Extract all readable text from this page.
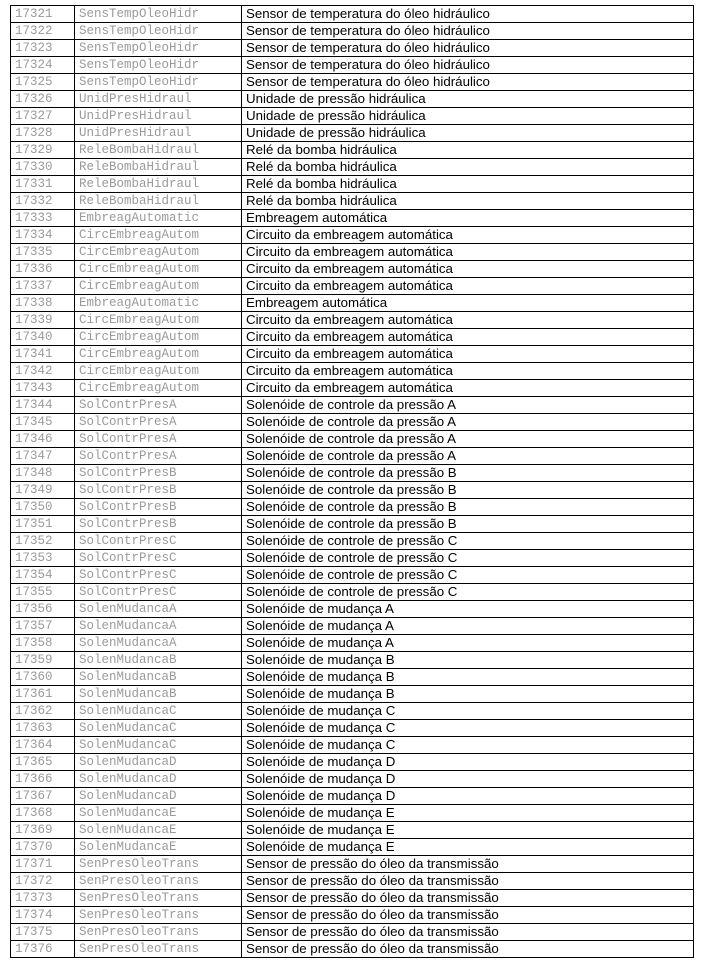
17321	SensTempOleoHidr	Sensor de temperatura do óleo hidráulico
17322	SensTempOleoHidr	Sensor de temperatura do óleo hidráulico
17323	SensTempOleoHidr	Sensor de temperatura do óleo hidráulico
17324	SensTempOleoHidr	Sensor de temperatura do óleo hidráulico
17325	SensTempOleoHidr	Sensor de temperatura do óleo hidráulico
17326	UnidPresHidraul	Unidade de pressão hidráulica
17327	UnidPresHidraul	Unidade de pressão hidráulica
17328	UnidPresHidraul	Unidade de pressão hidráulica
17329	ReleBombaHidraul	Relé da bomba hidráulica
17330	ReleBombaHidraul	Relé da bomba hidráulica
17331	ReleBombaHidraul	Relé da bomba hidráulica
17332	ReleBombaHidraul	Relé da bomba hidráulica
17333	EmbreagAutomatic	Embreagem automática
17334	CircEmbreagAutom	Circuito da embreagem automática
17335	CircEmbreagAutom	Circuito da embreagem automática
17336	CircEmbreagAutom	Circuito da embreagem automática
17337	CircEmbreagAutom	Circuito da embreagem automática
17338	EmbreagAutomatic	Embreagem automática
17339	CircEmbreagAutom	Circuito da embreagem automática
17340	CircEmbreagAutom	Circuito da embreagem automática
17341	CircEmbreagAutom	Circuito da embreagem automática
17342	CircEmbreagAutom	Circuito da embreagem automática
17343	CircEmbreagAutom	Circuito da embreagem automática
17344	SolContrPresA	Solenóide de controle da pressão A
17345	SolContrPresA	Solenóide de controle da pressão A
17346	SolContrPresA	Solenóide de controle da pressão A
17347	SolContrPresA	Solenóide de controle da pressão A
17348	SolContrPresB	Solenóide de controle da pressão B
17349	SolContrPresB	Solenóide de controle da pressão B
17350	SolContrPresB	Solenóide de controle da pressão B
17351	SolContrPresB	Solenóide de controle da pressão B
17352	SolContrPresC	Solenóide de controle de pressão C
17353	SolContrPresC	Solenóide de controle de pressão C
17354	SolContrPresC	Solenóide de controle de pressão C
17355	SolContrPresC	Solenóide de controle de pressão C
17356	SolenMudancaA	Solenóide de mudança A
17357	SolenMudancaA	Solenóide de mudança A
17358	SolenMudancaA	Solenóide de mudança A
17359	SolenMudancaB	Solenóide de mudança B
17360	SolenMudancaB	Solenóide de mudança B
17361	SolenMudancaB	Solenóide de mudança B
17362	SolenMudancaC	Solenóide de mudança C
17363	SolenMudancaC	Solenóide de mudança C
17364	SolenMudancaC	Solenóide de mudança C
17365	SolenMudancaD	Solenóide de mudança D
17366	SolenMudancaD	Solenóide de mudança D
17367	SolenMudancaD	Solenóide de mudança D
17368	SolenMudancaE	Solenóide de mudança E
17369	SolenMudancaE	Solenóide de mudança E
17370	SolenMudancaE	Solenóide de mudança E
17371	SenPresOleoTrans	Sensor de pressão do óleo da transmissão
17372	SenPresOleoTrans	Sensor de pressão do óleo da transmissão
17373	SenPresOleoTrans	Sensor de pressão do óleo da transmissão
17374	SenPresOleoTrans	Sensor de pressão do óleo da transmissão
17375	SenPresOleoTrans	Sensor de pressão do óleo da transmissão
17376	SenPresOleoTrans	Sensor de pressão do óleo da transmissão
